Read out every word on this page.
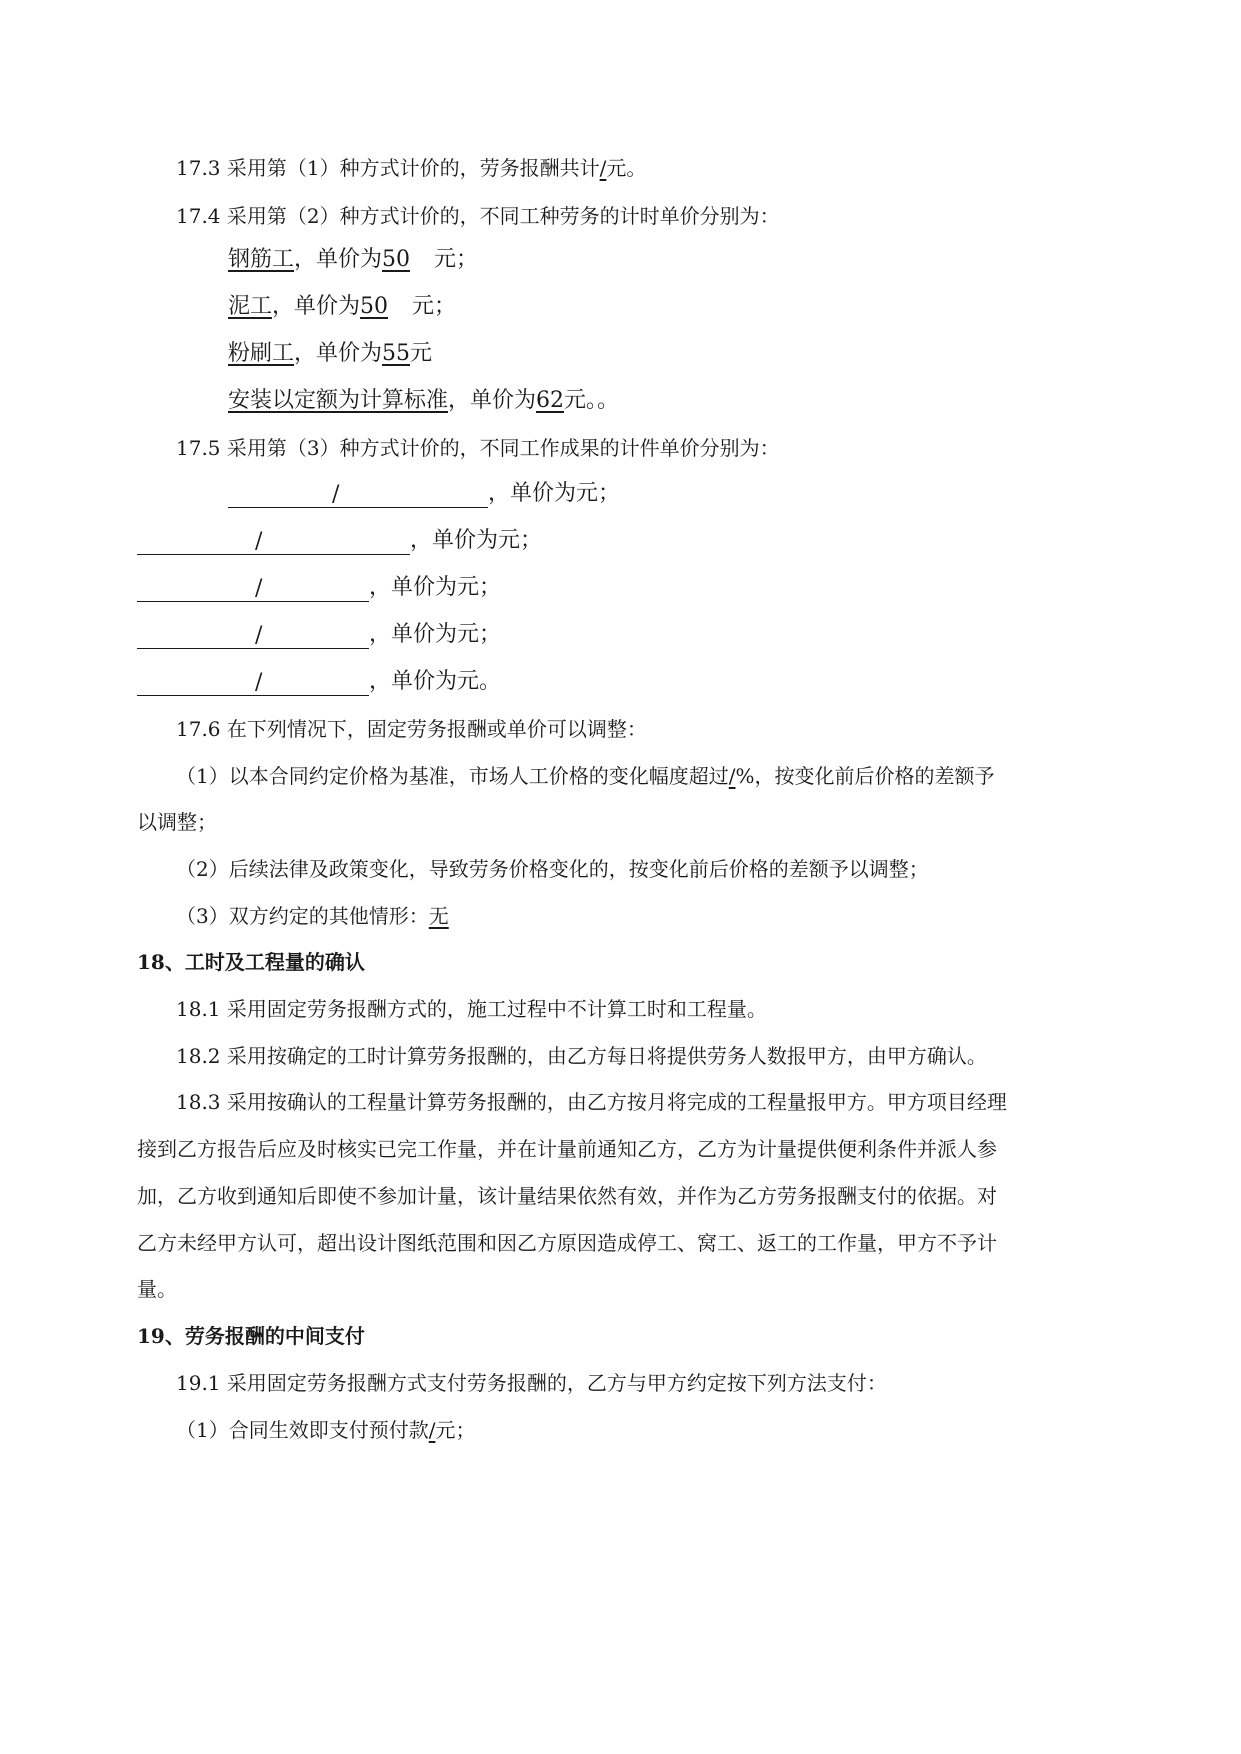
17.3 采用第（1）种方式计价的，劳务报酬共计/元。
17.4 采用第（2）种方式计价的，不同工种劳务的计时单价分别为：
钢筋工，单价为50 元；
泥工，单价为50 元；
粉刷工，单价为55元
安装以定额为计算标准，单价为62元。。
17.5 采用第（3）种方式计价的，不同工作成果的计件单价分别为：
/	，单价为元；
/	，单价为元；
/	，单价为元；
/	，单价为元；
/	，单价为元。
17.6 在下列情况下，固定劳务报酬或单价可以调整：
（1）以本合同约定价格为基准，市场人工价格的变化幅度超过/%，按变化前后价格的差额予
以调整；
（2）后续法律及政策变化，导致劳务价格变化的，按变化前后价格的差额予以调整；
（3）双方约定的其他情形：无
18、工时及工程量的确认
18.1 采用固定劳务报酬方式的，施工过程中不计算工时和工程量。
18.2 采用按确定的工时计算劳务报酬的，由乙方每日将提供劳务人数报甲方，由甲方确认。
18.3 采用按确认的工程量计算劳务报酬的，由乙方按月将完成的工程量报甲方。甲方项目经理
接到乙方报告后应及时核实已完工作量，并在计量前通知乙方，乙方为计量提供便利条件并派人参
加，乙方收到通知后即使不参加计量，该计量结果依然有效，并作为乙方劳务报酬支付的依据。对
乙方未经甲方认可，超出设计图纸范围和因乙方原因造成停工、窝工、返工的工作量，甲方不予计
量。
19、劳务报酬的中间支付
19.1 采用固定劳务报酬方式支付劳务报酬的，乙方与甲方约定按下列方法支付：
（1）合同生效即支付预付款/元；
